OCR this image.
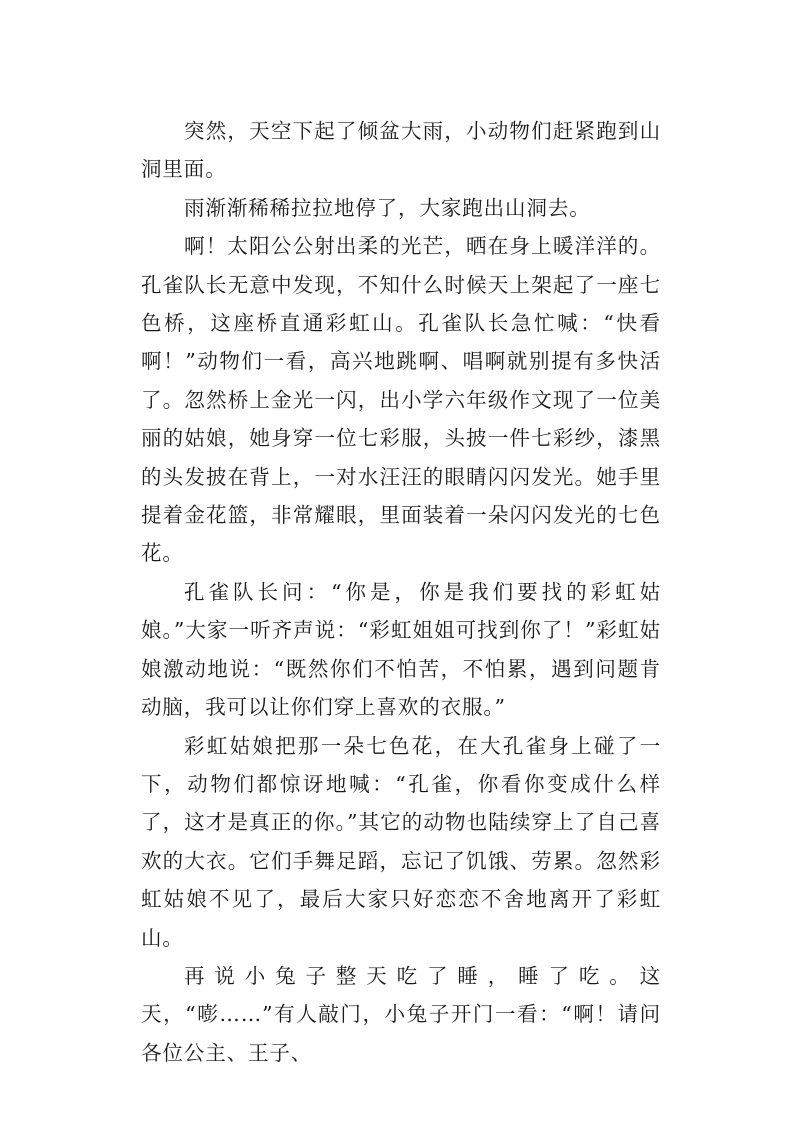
突然，天空下起了倾盆大雨，小动物们赶紧跑到山洞里面。

雨渐渐稀稀拉拉地停了，大家跑出山洞去。

啊！太阳公公射出柔的光芒，晒在身上暖洋洋的。孔雀队长无意中发现，不知什么时候天上架起了一座七色桥，这座桥直通彩虹山。孔雀队长急忙喊：“快看啊！”动物们一看，高兴地跳啊、唱啊就别提有多快活了。忽然桥上金光一闪，出小学六年级作文现了一位美丽的姑娘，她身穿一位七彩服，头披一件七彩纱，漆黑的头发披在背上，一对水汪汪的眼睛闪闪发光。她手里提着金花篮，非常耀眼，里面装着一朵闪闪发光的七色花。

孔雀队长问：“你是，你是我们要找的彩虹姑娘。”大家一听齐声说：“彩虹姐姐可找到你了！”彩虹姑娘激动地说：“既然你们不怕苦，不怕累，遇到问题肯动脑，我可以让你们穿上喜欢的衣服。”

彩虹姑娘把那一朵七色花，在大孔雀身上碰了一下，动物们都惊讶地喊：“孔雀，你看你变成什么样了，这才是真正的你。”其它的动物也陆续穿上了自己喜欢的大衣。它们手舞足蹈，忘记了饥饿、劳累。忽然彩虹姑娘不见了，最后大家只好恋恋不舍地离开了彩虹山。

再说小兔子整天吃了睡，睡了吃。这天，“嘭……”有人敲门，小兔子开门一看：“啊！请问各位公主、王子、
